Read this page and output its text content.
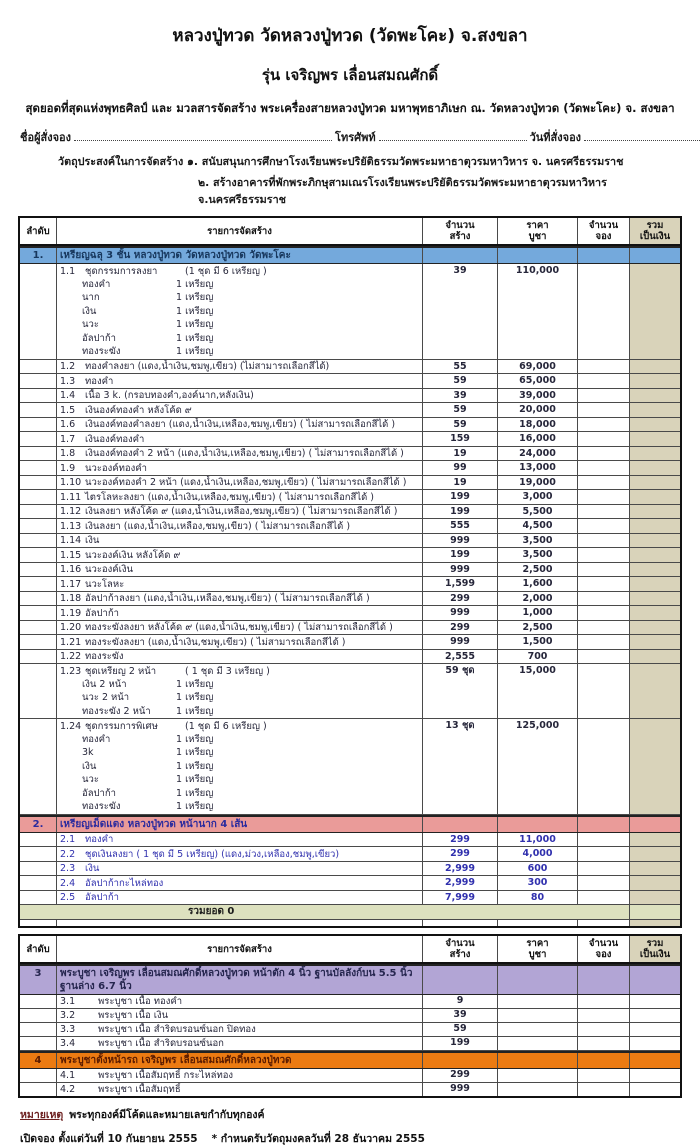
หลวงปู่ทวด วัดหลวงปู่ทวด (วัดพะโคะ) จ.สงขลา
รุ่น เจริญพร เลื่อนสมณศักดิ์
สุดยอดที่สุดแห่งพุทธศิลป์ และ มวลสารจัดสร้าง พระเครื่องสายหลวงปู่ทวด มหาพุทธาภิเษก ณ. วัดหลวงปู่ทวด (วัดพะโคะ) จ. สงขลา
ชื่อผู้สั่งจอง	โทรศัพท์	วันที่สั่งจอง
วัตถุประสงค์ในการจัดสร้าง ๑. สนับสนุนการศึกษาโรงเรียนพระปริยัติธรรมวัดพระมหาธาตุวรมหาวิหาร จ. นครศรีธรรมราช
๒. สร้างอาคารที่พักพระภิกษุสามเณรโรงเรียนพระปริยัติธรรมวัดพระมหาธาตุวรมหาวิหาร จ.นครศรีธรรมราช
ลำดับ	รายการจัดสร้าง	จำนวน
สร้าง
ราคา
บูชา
จำนวน
จอง
รวม
เป็นเงิน
1.	เหรียญฉลุ 3 ชั้น หลวงปู่ทวด วัดหลวงปู่ทวด วัดพะโคะ
1.1 ชุดกรรมการลงยา	(1 ชุด มี 6 เหรียญ )
ทองคำ	1 เหรียญ
นาก	1 เหรียญ
เงิน	1 เหรียญ
นวะ	1 เหรียญ
อัลปาก้า	1 เหรียญ
ทองระฆัง	1 เหรียญ
39	110,000
1.2 ทองคำลงยา (แดง,น้ำเงิน,ชมพู,เขียว) (ไม่สามารถเลือกสีได้)	55	69,000
1.3 ทองคำ	59	65,000
1.4 เนื้อ 3 k. (กรอบทองคำ,องค์นาก,หลังเงิน)	39	39,000
1.5 เงินองค์ทองคำ หลังโค้ด ๙	59	20,000
1.6 เงินองค์ทองคำลงยา (แดง,น้ำเงิน,เหลือง,ชมพู,เขียว) ( ไม่สามารถเลือกสีได้ )	59	18,000
1.7 เงินองค์ทองคำ	159	16,000
1.8 เงินองค์ทองคำ 2 หน้า (แดง,น้ำเงิน,เหลือง,ชมพู,เขียว) ( ไม่สามารถเลือกสีได้ )	19	24,000
1.9 นวะองค์ทองคำ	99	13,000
1.10 นวะองค์ทองคำ 2 หน้า (แดง,น้ำเงิน,เหลือง,ชมพู,เขียว) ( ไม่สามารถเลือกสีได้ )	19	19,000
1.11 ไตรโลหะลงยา (แดง,น้ำเงิน,เหลือง,ชมพู,เขียว) ( ไม่สามารถเลือกสีได้ )	199	3,000
1.12 เงินลงยา หลังโค้ด ๙ (แดง,น้ำเงิน,เหลือง,ชมพู,เขียว) ( ไม่สามารถเลือกสีได้ )	199	5,500
1.13 เงินลงยา (แดง,น้ำเงิน,เหลือง,ชมพู,เขียว) ( ไม่สามารถเลือกสีได้ )	555	4,500
1.14 เงิน	999	3,500
1.15 นวะองค์เงิน หลังโค้ด ๙	199	3,500
1.16 นวะองค์เงิน	999	2,500
1.17 นวะโลหะ	1,599	1,600
1.18 อัลปาก้าลงยา (แดง,น้ำเงิน,เหลือง,ชมพู,เขียว) ( ไม่สามารถเลือกสีได้ )	299	2,000
1.19 อัลปาก้า	999	1,000
1.20 ทองระฆังลงยา หลังโค้ด ๙ (แดง,น้ำเงิน,ชมพู,เขียว) ( ไม่สามารถเลือกสีได้ )	299	2,500
1.21 ทองระฆังลงยา (แดง,น้ำเงิน,ชมพู,เขียว) ( ไม่สามารถเลือกสีได้ )	999	1,500
1.22 ทองระฆัง	2,555	700
1.23 ชุดเหรียญ 2 หน้า	( 1 ชุด มี 3 เหรียญ )
เงิน 2 หน้า	1 เหรียญ
นวะ 2 หน้า	1 เหรียญ
ทองระฆัง 2 หน้า	1 เหรียญ
59 ชุด	15,000
1.24 ชุดกรรมการพิเศษ	(1 ชุด มี 6 เหรียญ )
ทองคำ	1 เหรียญ
3k	1 เหรียญ
เงิน	1 เหรียญ
นวะ	1 เหรียญ
อัลปาก้า	1 เหรียญ
ทองระฆัง	1 เหรียญ
13 ชุด	125,000
2.	เหรียญเม็ดแตง หลวงปู่ทวด หน้านาก 4 เส้น
2.1 ทองคำ	299	11,000
2.2 ชุดเงินลงยา ( 1 ชุด มี 5 เหรียญ) (แดง,ม่วง,เหลือง,ชมพู,เขียว)	299	4,000
2.3 เงิน	2,999	600
2.4 อัลปาก้ากะไหล่ทอง	2,999	300
2.5 อัลปาก้า	7,999	80
รวมยอด 0
ลำดับ	รายการจัดสร้าง	จำนวน
สร้าง
ราคา
บูชา
จำนวน
จอง
รวม
เป็นเงิน
3	พระบูชา เจริญพร เลื่อนสมณศักดิ์หลวงปู่ทวด หน้าตัก 4 นิ้ว ฐานบัลลังก์บน 5.5 นิ้ว ฐานล่าง 6.7 นิ้ว
3.1 พระบูชา เนื้อ ทองคำ	9
3.2 พระบูชา เนื้อ เงิน	39
3.3 พระบูชา เนื้อ สำริดบรอนซ์นอก ปิดทอง	59
3.4 พระบูชา เนื้อ สำริดบรอนซ์นอก	199
4	พระบูชาตั้งหน้ารถ เจริญพร เลื่อนสมณศักดิ์หลวงปู่ทวด
4.1 พระบูชา เนื้อสัมฤทธิ์ กระไหล่ทอง	299
4.2 พระบูชา เนื้อสัมฤทธิ์	999
หมายเหตุ พระทุกองค์มีโค้ดและหมายเลขกำกับทุกองค์
เปิดจอง ตั้งแต่วันที่ 10 กันยายน 2555 * กำหนดรับวัตถุมงคลวันที่ 28 ธันวาคม 2555
